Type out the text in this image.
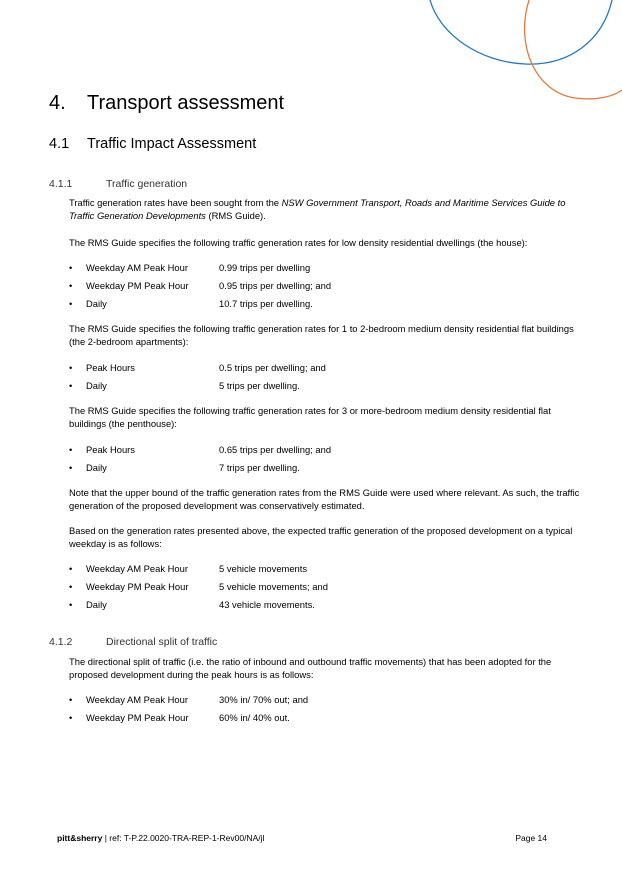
4. Transport assessment
4.1 Traffic Impact Assessment
4.1.1	Traffic generation
Traffic generation rates have been sought from the NSW Government Transport, Roads and Maritime Services Guide to Traffic Generation Developments (RMS Guide).
The RMS Guide specifies the following traffic generation rates for low density residential dwellings (the house):
• Weekday AM Peak Hour	0.99 trips per dwelling
• Weekday PM Peak Hour	0.95 trips per dwelling; and
• Daily	10.7 trips per dwelling.
The RMS Guide specifies the following traffic generation rates for 1 to 2-bedroom medium density residential flat buildings (the 2-bedroom apartments):
• Peak Hours	0.5 trips per dwelling; and
• Daily	5 trips per dwelling.
The RMS Guide specifies the following traffic generation rates for 3 or more-bedroom medium density residential flat buildings (the penthouse):
• Peak Hours	0.65 trips per dwelling; and
• Daily	7 trips per dwelling.
Note that the upper bound of the traffic generation rates from the RMS Guide were used where relevant. As such, the traffic generation of the proposed development was conservatively estimated.
Based on the generation rates presented above, the expected traffic generation of the proposed development on a typical weekday is as follows:
• Weekday AM Peak Hour	5 vehicle movements
• Weekday PM Peak Hour	5 vehicle movements; and
• Daily	43 vehicle movements.
4.1.2	Directional split of traffic
The directional split of traffic (i.e. the ratio of inbound and outbound traffic movements) that has been adopted for the proposed development during the peak hours is as follows:
• Weekday AM Peak Hour	30% in/ 70% out; and
• Weekday PM Peak Hour	60% in/ 40% out.
pitt&sherry | ref: T-P.22.0020-TRA-REP-1-Rev00/NA/jl	Page 14
